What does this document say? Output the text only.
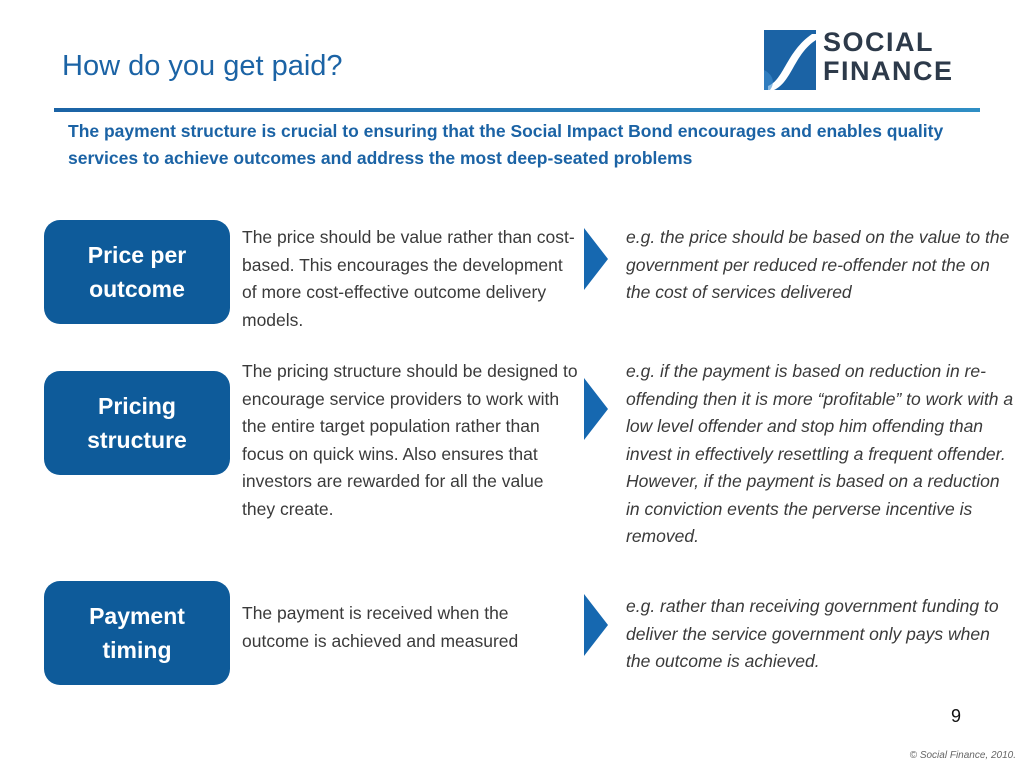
How do you get paid?
SOCIAL
FINANCE
The payment structure is crucial to ensuring that the Social Impact Bond encourages and enables quality services to achieve outcomes and address the most deep-seated problems
Price per outcome
The price should be value rather than cost-based. This encourages the development of more cost-effective outcome delivery models.
e.g. the price should be based on the value to the government per reduced re-offender not the on the cost of services delivered
Pricing structure
The pricing structure should be designed to encourage service providers to work with the entire target population rather than focus on quick wins. Also ensures that investors are rewarded for all the value they create.
e.g. if the payment is based on reduction in re-offending then it is more “profitable” to work with a low level offender and stop him offending than invest in effectively resettling a frequent offender. However, if the payment is based on a reduction in conviction events the perverse incentive is removed.
Payment timing
The payment is received when the outcome is achieved and measured
e.g. rather than receiving government funding to deliver the service government only pays when the outcome is achieved.
9
© Social Finance, 2010.
